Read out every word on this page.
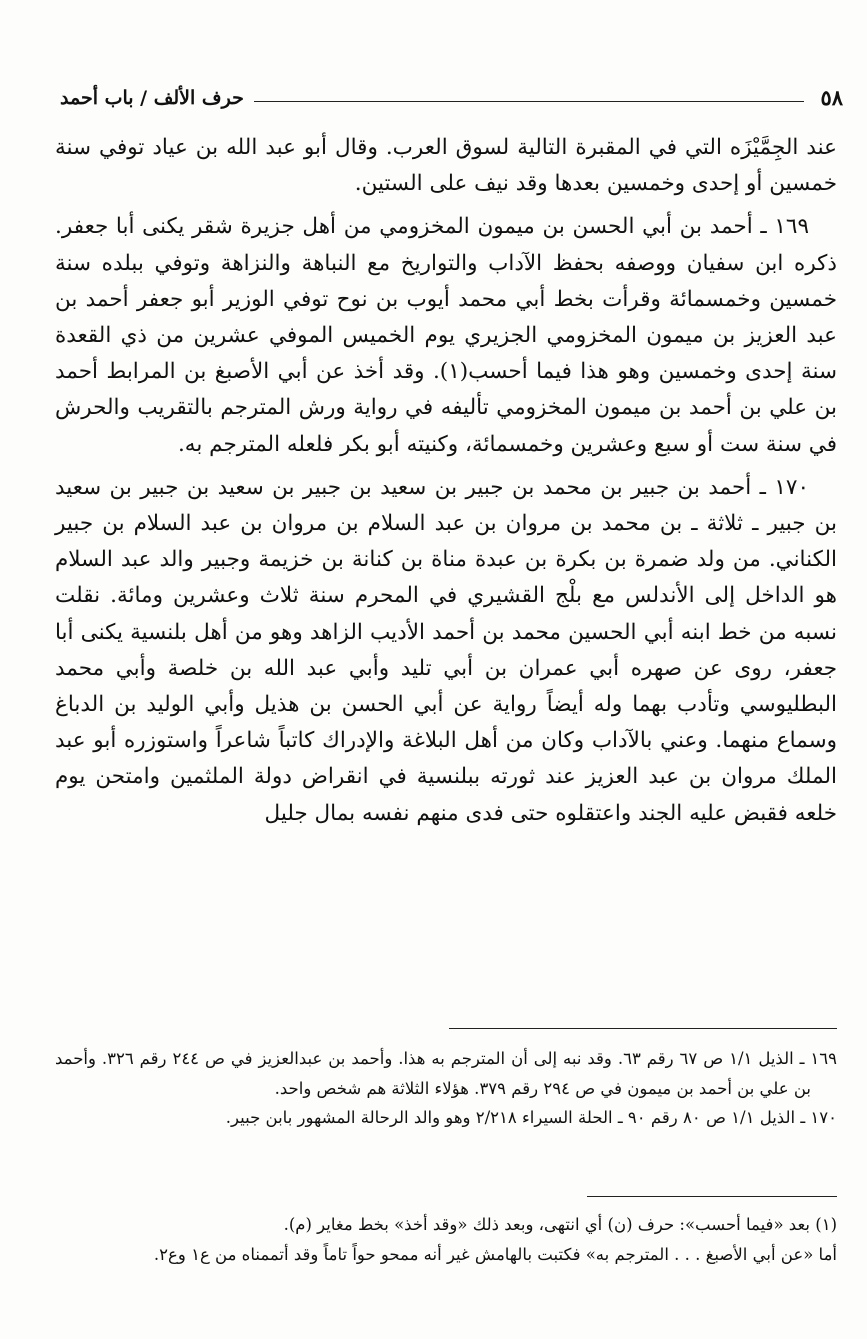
٥٨
حرف الألف / باب أحمد

عند الجِمَّيْزَه التي في المقبرة التالية لسوق العرب. وقال أبو عبد الله بن عياد توفي سنة خمسين أو إحدى وخمسين بعدها وقد نيف على الستين.

١٦٩ ـ أحمد بن أبي الحسن بن ميمون المخزومي من أهل جزيرة شقر يكنى أبا جعفر. ذكره ابن سفيان ووصفه بحفظ الآداب والتواريخ مع النباهة والنزاهة وتوفي ببلده سنة خمسين وخمسمائة وقرأت بخط أبي محمد أيوب بن نوح توفي الوزير أبو جعفر أحمد بن عبد العزيز بن ميمون المخزومي الجزيري يوم الخميس الموفي عشرين من ذي القعدة سنة إحدى وخمسين وهو هذا فيما أحسب(١). وقد أخذ عن أبي الأصبغ بن المرابط أحمد بن علي بن أحمد بن ميمون المخزومي تأليفه في رواية ورش المترجم بالتقريب والحرش في سنة ست أو سبع وعشرين وخمسمائة، وكنيته أبو بكر فلعله المترجم به.

١٧٠ ـ أحمد بن جبير بن محمد بن جبير بن سعيد بن جبير بن سعيد بن جبير بن سعيد بن جبير ـ ثلاثة ـ بن محمد بن مروان بن عبد السلام بن مروان بن عبد السلام بن جبير الكناني. من ولد ضمرة بن بكرة بن عبدة مناة بن كنانة بن خزيمة وجبير والد عبد السلام هو الداخل إلى الأندلس مع بلْج القشيري في المحرم سنة ثلاث وعشرين ومائة. نقلت نسبه من خط ابنه أبي الحسين محمد بن أحمد الأديب الزاهد وهو من أهل بلنسية يكنى أبا جعفر، روى عن صهره أبي عمران بن أبي تليد وأبي عبد الله بن خلصة وأبي محمد البطليوسي وتأدب بهما وله أيضاً رواية عن أبي الحسن بن هذيل وأبي الوليد بن الدباغ وسماع منهما. وعني بالآداب وكان من أهل البلاغة والإدراك كاتباً شاعراً واستوزره أبو عبد الملك مروان بن عبد العزيز عند ثورته ببلنسية في انقراض دولة الملثمين وامتحن يوم خلعه فقبض عليه الجند واعتقلوه حتى فدى منهم نفسه بمال جليل

١٦٩ ـ الذيل ١/١ ص ٦٧ رقم ٦٣. وقد نبه إلى أن المترجم به هذا. وأحمد بن عبدالعزيز في ص ٢٤٤ رقم ٣٢٦. وأحمد بن علي بن أحمد بن ميمون في ص ٢٩٤ رقم ٣٧٩. هؤلاء الثلاثة هم شخص واحد.

١٧٠ ـ الذيل ١/١ ص ٨٠ رقم ٩٠ ـ الحلة السيراء ٢/٢١٨ وهو والد الرحالة المشهور بابن جبير.

(١) بعد «فيما أحسب»: حرف (ن) أي انتهى، وبعد ذلك «وقد أخذ» بخط مغاير (م).

أما «عن أبي الأصبغ . . . المترجم به» فكتبت بالهامش غير أنه ممحو حواً تاماً وقد أتممناه من ع١ وع٢.
